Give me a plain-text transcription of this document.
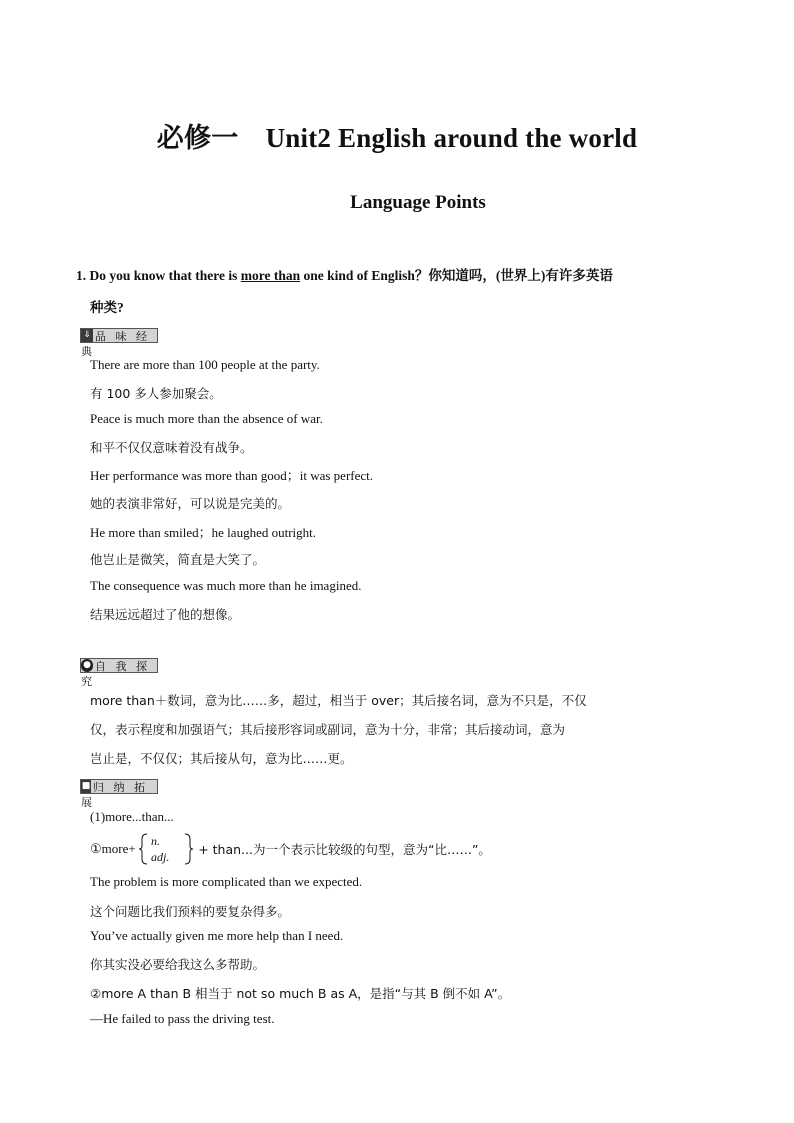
必修一　Unit2 English around the world
Language Points
1. Do you know that there is more than one kind of English？你知道吗，(世界上)有许多英语
种类?
⇓ 品 味 经 典
There are more than 100 people at the party.
有 100 多人参加聚会。
Peace is much more than the absence of war.
和平不仅仅意味着没有战争。
Her performance was more than good；it was perfect.
她的表演非常好，可以说是完美的。
He more than smiled；he laughed outright.
他岂止是微笑，简直是大笑了。
The consequence was much more than he imagined.
结果远远超过了他的想像。
● 自 我 探 究
more than＋数词，意为比……多，超过，相当于 over；其后接名词，意为不只是，不仅
仅，表示程度和加强语气；其后接形容词或副词，意为十分，非常；其后接动词，意为
岂止是，不仅仅；其后接从句，意为比……更。
■ 归 纳 拓 展
(1)more...than...
①more+ n.
adj. + than...为一个表示比较级的句型，意为“比……”。
The problem is more complicated than we expected.
这个问题比我们预料的要复杂得多。
You’ve actually given me more help than I need.
你其实没必要给我这么多帮助。
②more A than B 相当于 not so much B as A，是指“与其 B 倒不如 A”。
—He failed to pass the driving test.
